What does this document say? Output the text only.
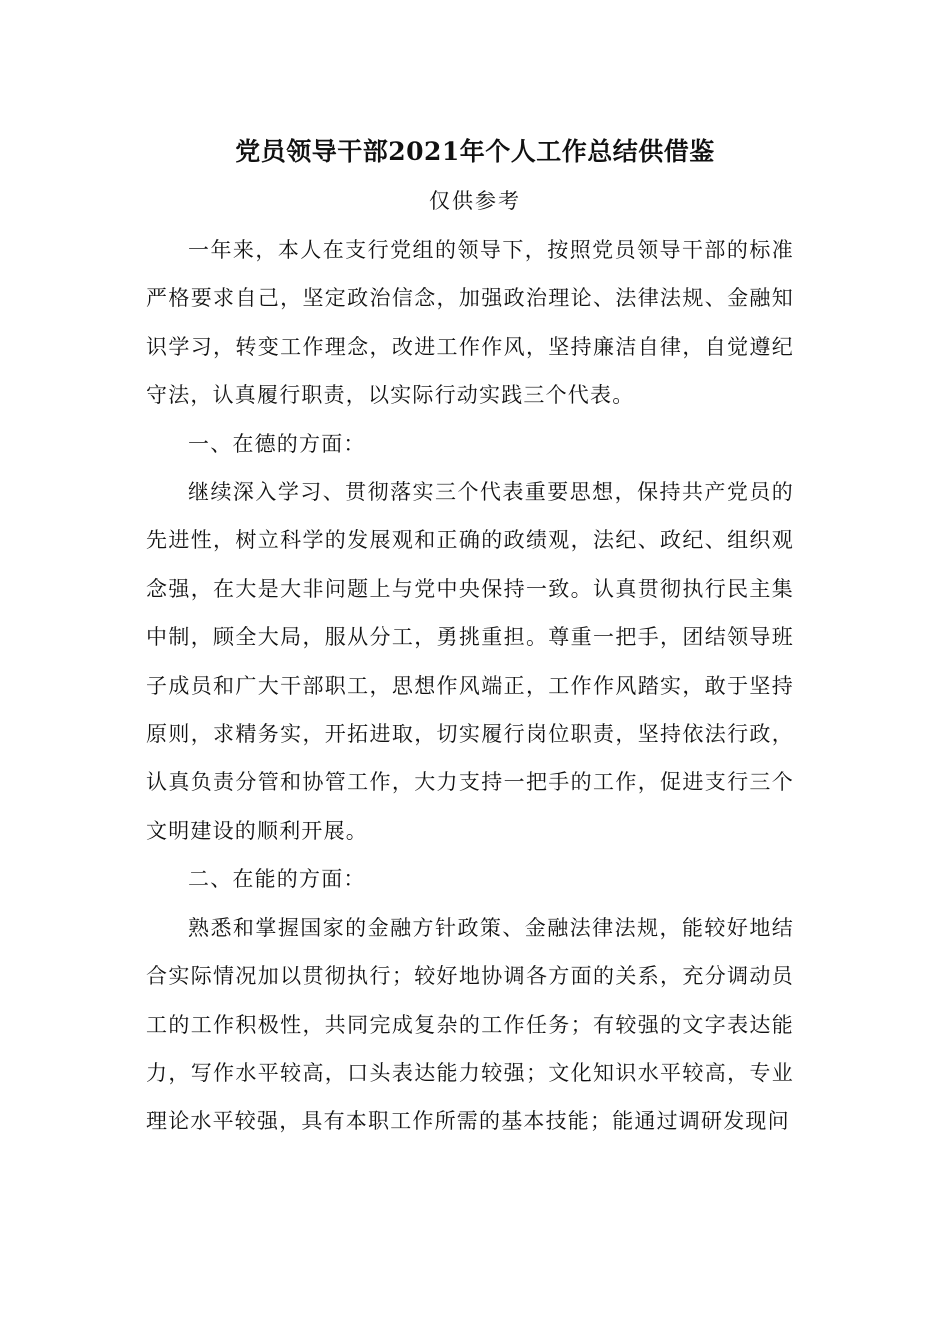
党员领导干部2021年个人工作总结供借鉴
仅供参考

一年来，本人在支行党组的领导下，按照党员领导干部的标准严格要求自己，坚定政治信念，加强政治理论、法律法规、金融知识学习，转变工作理念，改进工作作风，坚持廉洁自律，自觉遵纪守法，认真履行职责，以实际行动实践三个代表。

一、在德的方面：

继续深入学习、贯彻落实三个代表重要思想，保持共产党员的先进性，树立科学的发展观和正确的政绩观，法纪、政纪、组织观念强，在大是大非问题上与党中央保持一致。认真贯彻执行民主集中制，顾全大局，服从分工，勇挑重担。尊重一把手，团结领导班子成员和广大干部职工，思想作风端正，工作作风踏实，敢于坚持原则，求精务实，开拓进取，切实履行岗位职责，坚持依法行政，认真负责分管和协管工作，大力支持一把手的工作，促进支行三个文明建设的顺利开展。

二、在能的方面：

熟悉和掌握国家的金融方针政策、金融法律法规，能较好地结合实际情况加以贯彻执行；较好地协调各方面的关系，充分调动员工的工作积极性，共同完成复杂的工作任务；有较强的文字表达能力，写作水平较高，口头表达能力较强；文化知识水平较高，专业理论水平较强，具有本职工作所需的基本技能；能通过调研发现问
